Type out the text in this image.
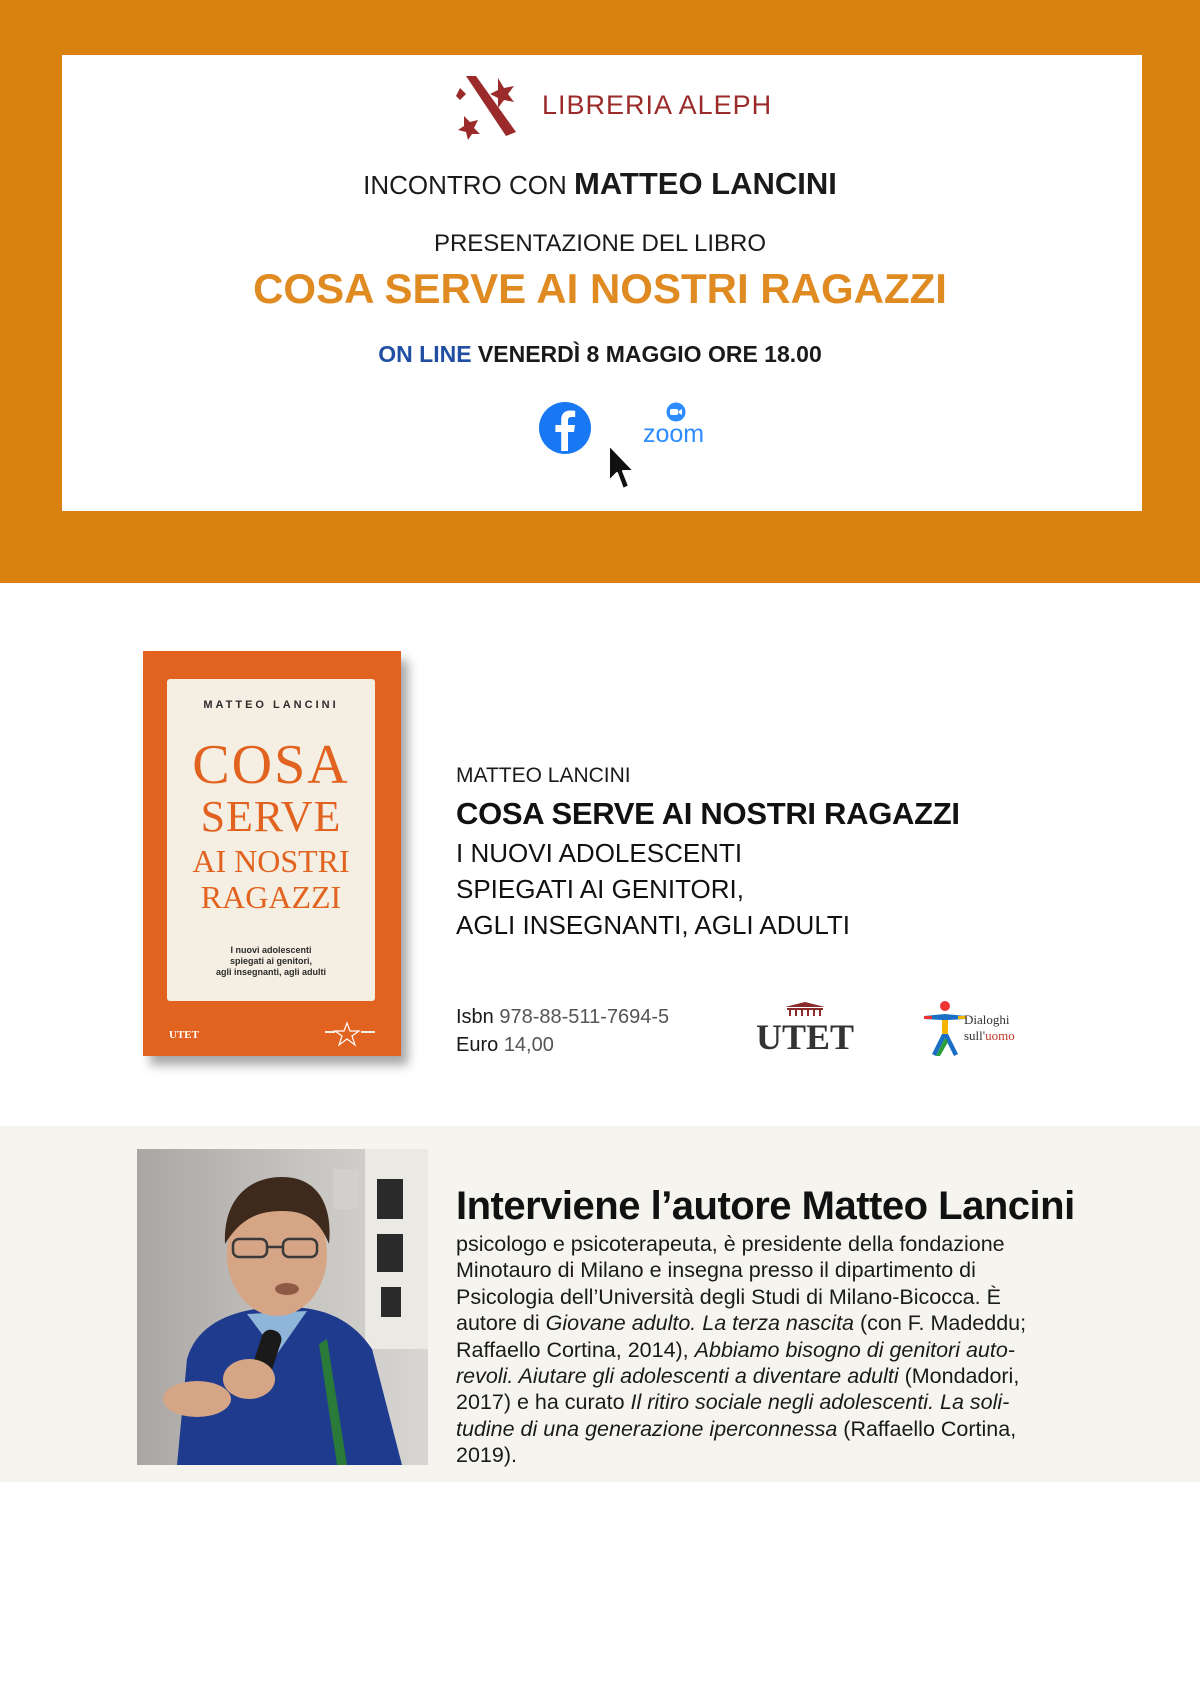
LIBRERIA ALEPH
INCONTRO CON MATTEO LANCINI
PRESENTAZIONE DEL LIBRO
COSA SERVE AI NOSTRI RAGAZZI
ON LINE VENERDÌ 8 MAGGIO ORE 18.00
zoom
MATTEO LANCINI
COSA
SERVE
AI NOSTRI
RAGAZZI
I nuovi adolescenti
spiegati ai genitori,
agli insegnanti, agli adulti
UTET
MATTEO LANCINI
COSA SERVE AI NOSTRI RAGAZZI
I NUOVI ADOLESCENTI
SPIEGATI AI GENITORI,
AGLI INSEGNANTI, AGLI ADULTI
Isbn 978-88-511-7694-5
Euro 14,00	UTET	Dialoghi
sull'uomo
Interviene l’autore Matteo Lancini
psicologo e psicoterapeuta, è presidente della fondazione
Minotauro di Milano e insegna presso il dipartimento di
Psicologia dell’Università degli Studi di Milano-Bicocca. È
autore di Giovane adulto. La terza nascita (con F. Madeddu;
Raffaello Cortina, 2014), Abbiamo bisogno di genitori auto-
revoli. Aiutare gli adolescenti a diventare adulti (Mondadori,
2017) e ha curato Il ritiro sociale negli adolescenti. La soli-
tudine di una generazione iperconnessa (Raffaello Cortina,
2019).
